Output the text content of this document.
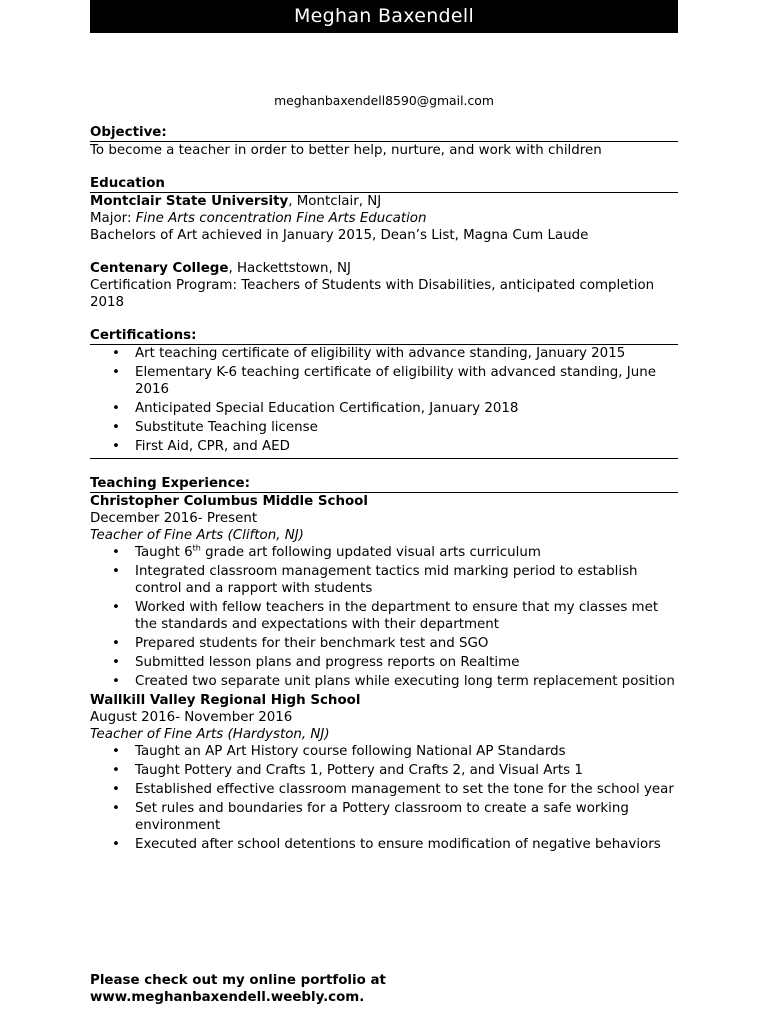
Meghan Baxendell
meghanbaxendell8590@gmail.com
Objective:
To become a teacher in order to better help, nurture, and work with children
Education
Montclair State University, Montclair, NJ
Major: Fine Arts concentration Fine Arts Education
Bachelors of Art achieved in January 2015, Dean’s List, Magna Cum Laude
Centenary College, Hackettstown, NJ
Certification Program: Teachers of Students with Disabilities, anticipated completion 2018
Certifications:
• Art teaching certificate of eligibility with advance standing, January 2015
• Elementary K-6 teaching certificate of eligibility with advanced standing, June 2016
• Anticipated Special Education Certification, January 2018
• Substitute Teaching license
• First Aid, CPR, and AED
Teaching Experience:
Christopher Columbus Middle School
December 2016- Present
Teacher of Fine Arts (Clifton, NJ)
• Taught 6th grade art following updated visual arts curriculum
• Integrated classroom management tactics mid marking period to establish control and a rapport with students
• Worked with fellow teachers in the department to ensure that my classes met the standards and expectations with their department
• Prepared students for their benchmark test and SGO
• Submitted lesson plans and progress reports on Realtime
• Created two separate unit plans while executing long term replacement position
Wallkill Valley Regional High School
August 2016- November 2016
Teacher of Fine Arts (Hardyston, NJ)
• Taught an AP Art History course following National AP Standards
• Taught Pottery and Crafts 1, Pottery and Crafts 2, and Visual Arts 1
• Established effective classroom management to set the tone for the school year
• Set rules and boundaries for a Pottery classroom to create a safe working environment
• Executed after school detentions to ensure modification of negative behaviors
Please check out my online portfolio at
www.meghanbaxendell.weebly.com.
